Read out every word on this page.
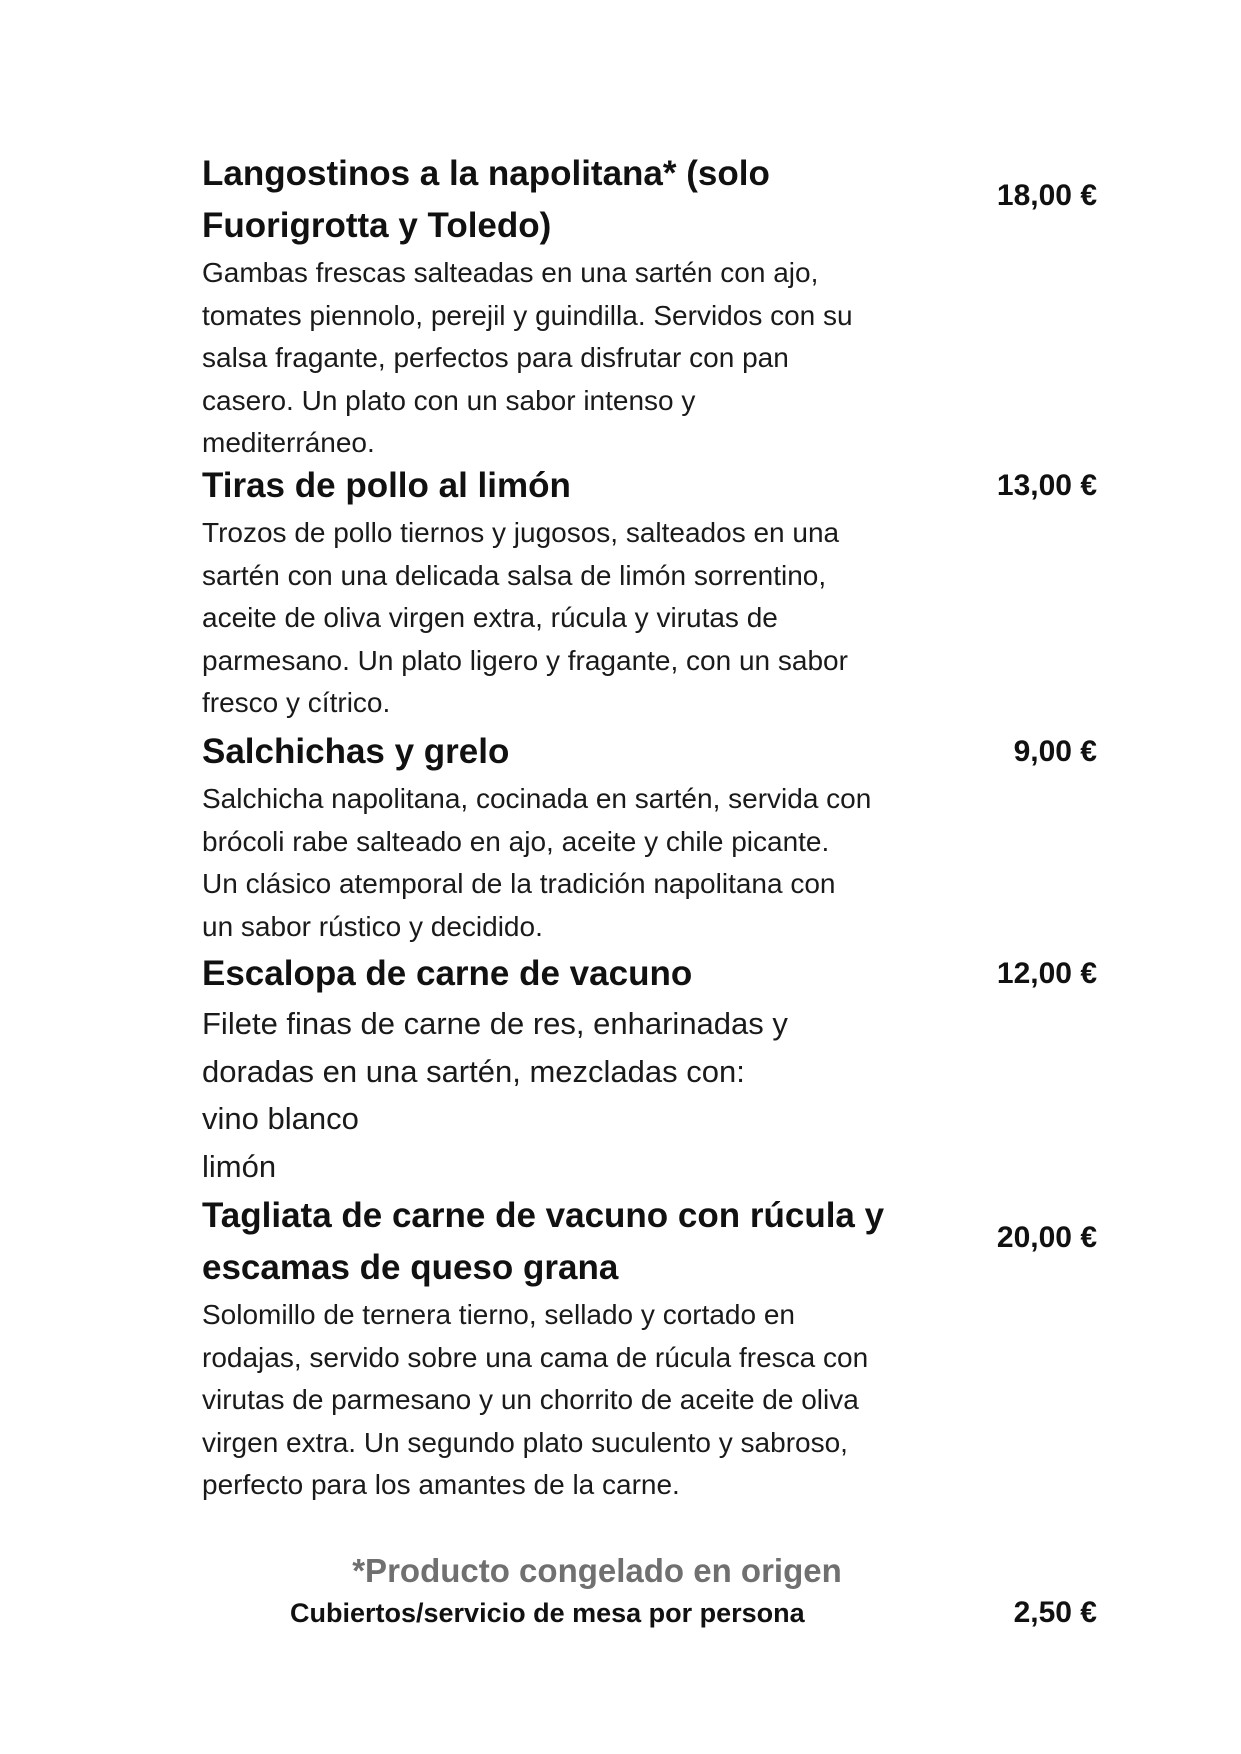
Langostinos a la napolitana* (solo
Fuorigrotta y Toledo)

Gambas frescas salteadas en una sartén con ajo,
tomates piennolo, perejil y guindilla. Servidos con su
salsa fragante, perfectos para disfrutar con pan
casero. Un plato con un sabor intenso y
mediterráneo.

18,00 €

Tiras de pollo al limón

Trozos de pollo tiernos y jugosos, salteados en una
sartén con una delicada salsa de limón sorrentino,
aceite de oliva virgen extra, rúcula y virutas de
parmesano. Un plato ligero y fragante, con un sabor
fresco y cítrico.

13,00 €

Salchichas y grelo

Salchicha napolitana, cocinada en sartén, servida con
brócoli rabe salteado en ajo, aceite y chile picante.
Un clásico atemporal de la tradición napolitana con
un sabor rústico y decidido.

9,00 €

Escalopa de carne de vacuno

Filete finas de carne de res, enharinadas y
doradas en una sartén, mezcladas con:
vino blanco
limón

12,00 €

Tagliata de carne de vacuno con rúcula y
escamas de queso grana

Solomillo de ternera tierno, sellado y cortado en
rodajas, servido sobre una cama de rúcula fresca con
virutas de parmesano y un chorrito de aceite de oliva
virgen extra. Un segundo plato suculento y sabroso,
perfecto para los amantes de la carne.

20,00 €
*Producto congelado en origen
Cubiertos/servicio de mesa por persona	2,50 €
